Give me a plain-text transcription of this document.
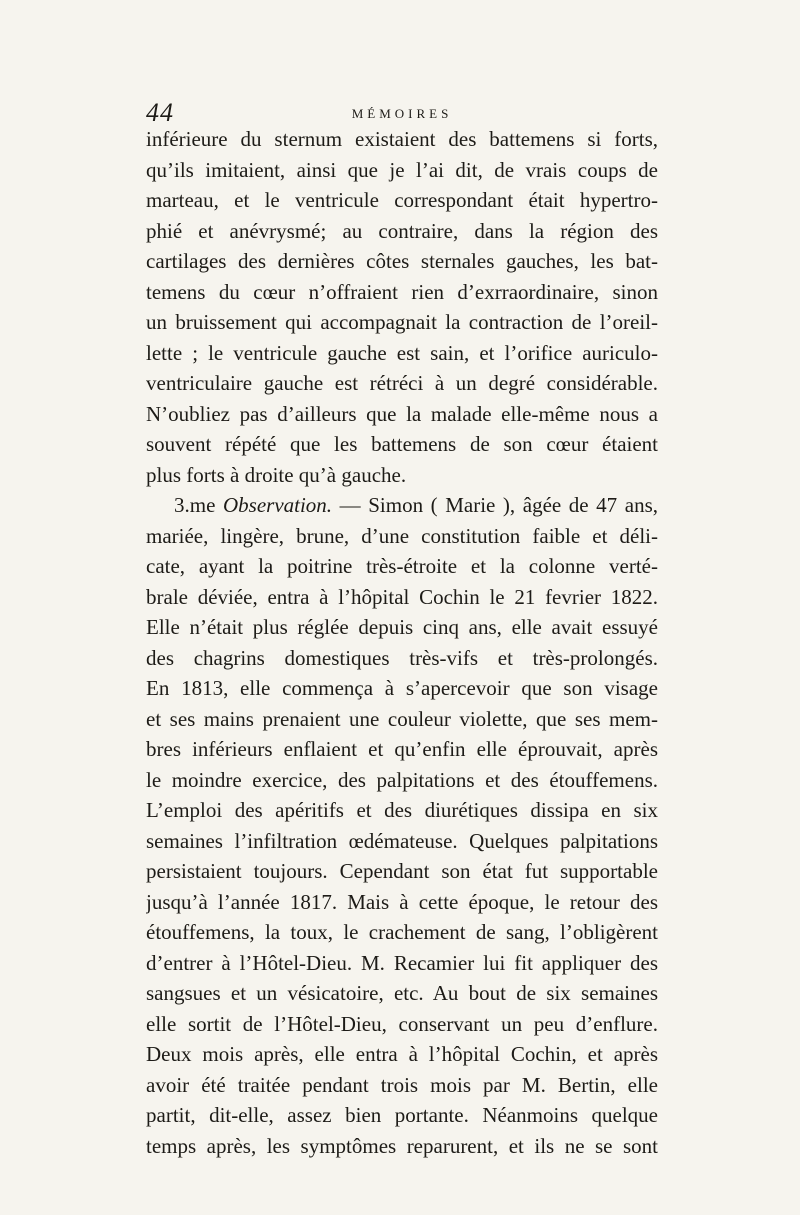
44	MÉMOIRES
inférieure du sternum existaient des battemens si forts,
qu’ils imitaient, ainsi que je l’ai dit, de vrais coups de
marteau, et le ventricule correspondant était hypertro-
phié et anévrysmé; au contraire, dans la région des
cartilages des dernières côtes sternales gauches, les bat-
temens du cœur n’offraient rien d’exrraordinaire, sinon
un bruissement qui accompagnait la contraction de l’oreil-
lette ; le ventricule gauche est sain, et l’orifice auriculo-
ventriculaire gauche est rétréci à un degré considérable.
N’oubliez pas d’ailleurs que la malade elle-même nous a
souvent répété que les battemens de son cœur étaient
plus forts à droite qu’à gauche.
3.me Observation. — Simon ( Marie ), âgée de 47 ans,
mariée, lingère, brune, d’une constitution faible et déli-
cate, ayant la poitrine très-étroite et la colonne verté-
brale déviée, entra à l’hôpital Cochin le 21 fevrier 1822.
Elle n’était plus réglée depuis cinq ans, elle avait essuyé
des chagrins domestiques très-vifs et très-prolongés.
En 1813, elle commença à s’apercevoir que son visage
et ses mains prenaient une couleur violette, que ses mem-
bres inférieurs enflaient et qu’enfin elle éprouvait, après
le moindre exercice, des palpitations et des étouffemens.
L’emploi des apéritifs et des diurétiques dissipa en six
semaines l’infiltration œdémateuse. Quelques palpitations
persistaient toujours. Cependant son état fut supportable
jusqu’à l’année 1817. Mais à cette époque, le retour des
étouffemens, la toux, le crachement de sang, l’obligèrent
d’entrer à l’Hôtel-Dieu. M. Recamier lui fit appliquer des
sangsues et un vésicatoire, etc. Au bout de six semaines
elle sortit de l’Hôtel-Dieu, conservant un peu d’enflure.
Deux mois après, elle entra à l’hôpital Cochin, et après
avoir été traitée pendant trois mois par M. Bertin, elle
partit, dit-elle, assez bien portante. Néanmoins quelque
temps après, les symptômes reparurent, et ils ne se sont
